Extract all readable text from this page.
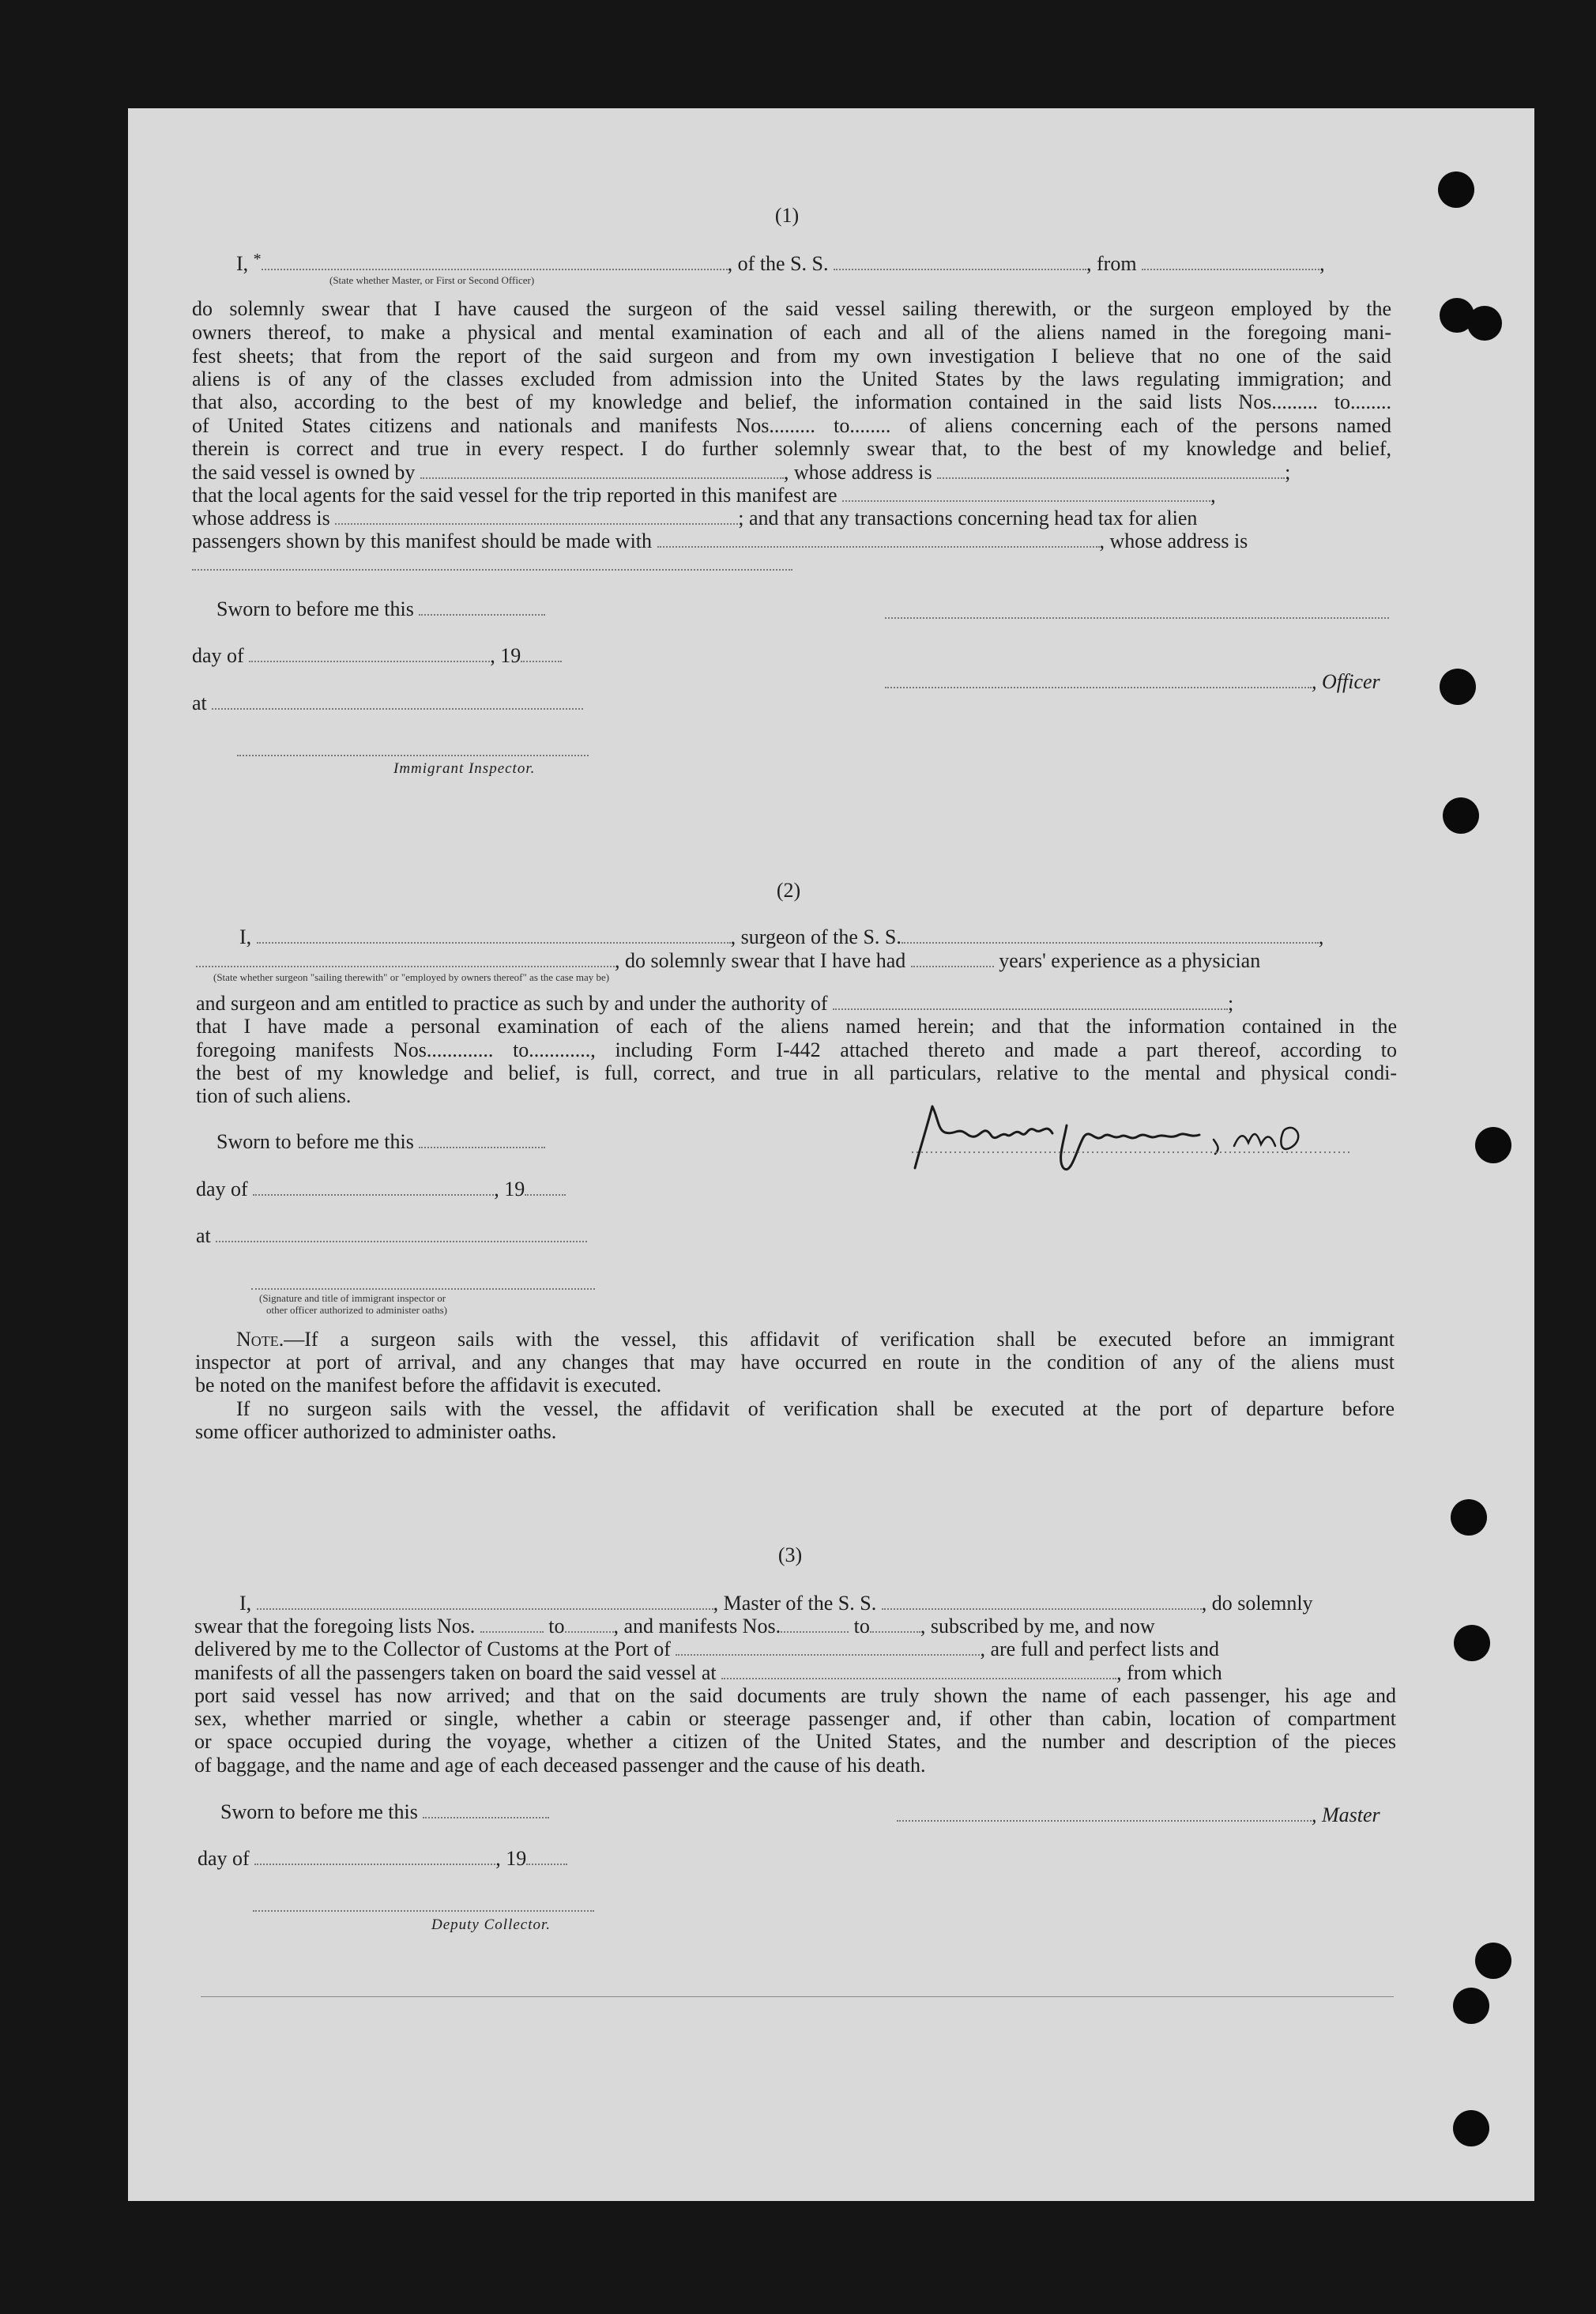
(1)

I, *	, of the S. S.	, from	,

(State whether Master, or First or Second Officer)

do solemnly swear that I have caused the surgeon of the said vessel sailing therewith, or the surgeon employed by the

owners thereof, to make a physical and mental examination of each and all of the aliens named in the foregoing mani-

fest sheets; that from the report of the said surgeon and from my own investigation I believe that no one of the said

aliens is of any of the classes excluded from admission into the United States by the laws regulating immigration; and

that also, according to the best of my knowledge and belief, the information contained in the said lists Nos......... to........

of United States citizens and nationals and manifests Nos......... to........ of aliens concerning each of the persons named

therein is correct and true in every respect. I do further solemnly swear that, to the best of my knowledge and belief,

the said vessel is owned by	, whose address is	;

that the local agents for the said vessel for the trip reported in this manifest are	,

whose address is	; and that any transactions concerning head tax for alien

passengers shown by this manifest should be made with	, whose address is

Sworn to before me this

day of	, 19

, Officer

at

Immigrant Inspector.

(2)

I,	, surgeon of the S. S.	,

, do solemnly swear that I have had	years' experience as a physician

(State whether surgeon "sailing therewith" or "employed by owners thereof" as the case may be)

and surgeon and am entitled to practice as such by and under the authority of	;

that I have made a personal examination of each of the aliens named herein; and that the information contained in the

foregoing manifests Nos............. to............, including Form I-442 attached thereto and made a part thereof, according to

the best of my knowledge and belief, is full, correct, and true in all particulars, relative to the mental and physical condi-

tion of such aliens.

Sworn to before me this

day of	, 19

at

(Signature and title of immigrant inspector or

other officer authorized to administer oaths)

Note.—If a surgeon sails with the vessel, this affidavit of verification shall be executed before an immigrant

inspector at port of arrival, and any changes that may have occurred en route in the condition of any of the aliens must

be noted on the manifest before the affidavit is executed.

If no surgeon sails with the vessel, the affidavit of verification shall be executed at the port of departure before

some officer authorized to administer oaths.

(3)

I,	, Master of the S. S.	, do solemnly

swear that the foregoing lists Nos.	to , and manifests Nos.	to , subscribed by me, and now

delivered by me to the Collector of Customs at the Port of	, are full and perfect lists and

manifests of all the passengers taken on board the said vessel at	, from which

port said vessel has now arrived; and that on the said documents are truly shown the name of each passenger, his age and

sex, whether married or single, whether a cabin or steerage passenger and, if other than cabin, location of compartment

or space occupied during the voyage, whether a citizen of the United States, and the number and description of the pieces

of baggage, and the name and age of each deceased passenger and the cause of his death.

Sworn to before me this	, Master

day of	, 19

Deputy Collector.
